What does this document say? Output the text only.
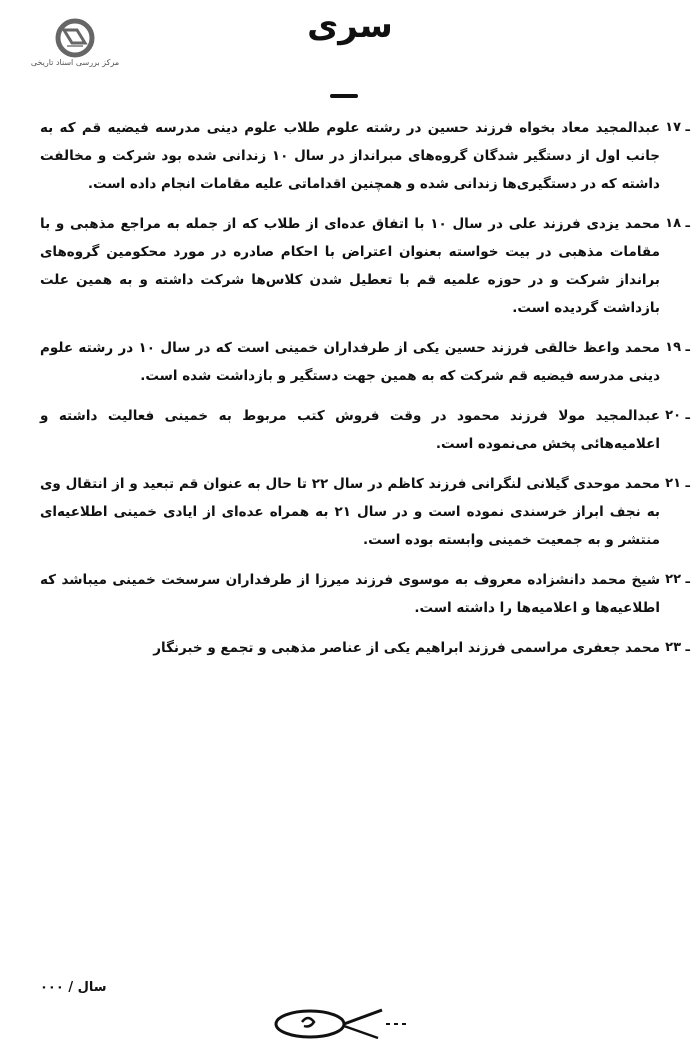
مرکز بررسی اسناد تاریخی
سری
۱۷ ـ
عبدالمجید معاد بخواه فرزند حسین در رشته علوم طلاب علوم دینی مدرسه فیضیه قم که به جانب اول از دستگیر شدگان گروه‌های مبرانداز در سال ۱۰ زندانی شده بود شرکت و مخالفت داشته که در دستگیری‌ها زندانی شده و همچنین اقداماتی علیه مقامات انجام داده است.
۱۸ ـ
محمد یزدی فرزند علی در سال ۱۰ با اتفاق عده‌ای از طلاب که از جمله به مراجع مذهبی و با مقامات مذهبی در بیت خواسته بعنوان اعتراض با احکام صادره در مورد محکومین گروه‌های برانداز شرکت و در حوزه علمیه قم با تعطیل شدن کلاس‌ها شرکت داشته و به همین علت بازداشت گردیده است.
۱۹ ـ
محمد واعظ خالقی فرزند حسین یکی از طرفداران خمینی است که در سال ۱۰ در رشته علوم دینی مدرسه فیضیه قم شرکت که به همین جهت دستگیر و بازداشت شده است.
۲۰ ـ
عبدالمجید مولا فرزند محمود در وقت فروش کتب مربوط به خمینی فعالیت داشته و اعلامیه‌هائی پخش می‌نموده است.
۲۱ ـ
محمد موحدی گیلانی لنگرانی فرزند کاظم در سال ۲۲ تا حال به عنوان قم تبعید و از انتقال وی به نجف ابراز خرسندی نموده است و در سال ۲۱ به همراه عده‌ای از ایادی خمینی اطلاعیه‌ای منتشر و به جمعیت خمینی وابسته بوده است.
۲۲ ـ
شیخ محمد دانشزاده معروف به موسوی فرزند میرزا از طرفداران سرسخت خمینی میباشد که اطلاعیه‌ها و اعلامیه‌ها را داشته است.
۲۳ ـ
محمد جعفری مراسمی فرزند ابراهیم یکی از عناصر مذهبی و تجمع و خبرنگار
سال / ۰۰۰
